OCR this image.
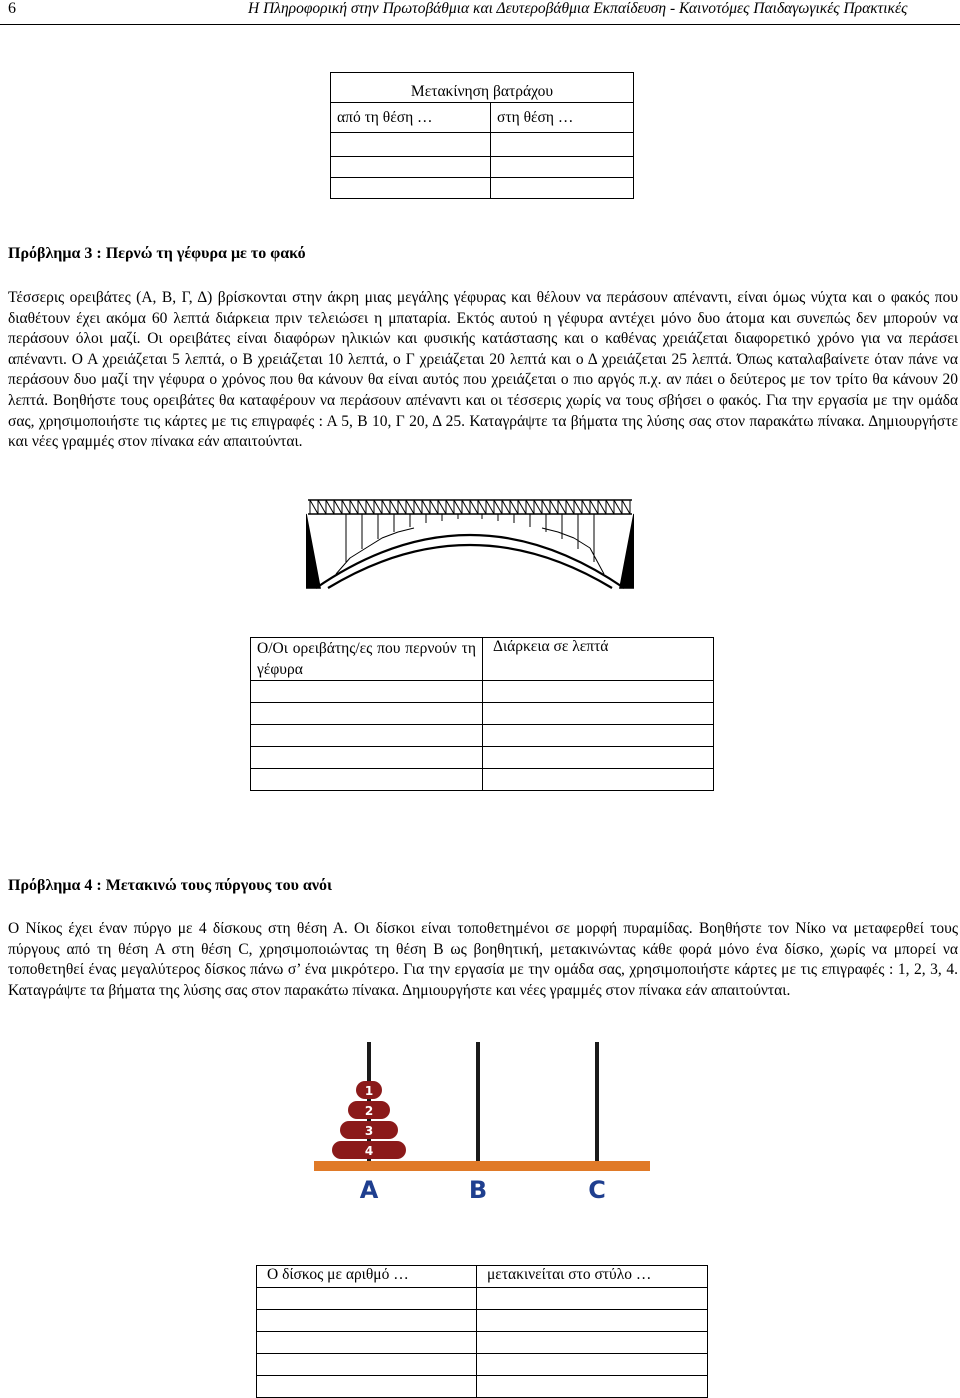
6	Η Πληροφορική στην Πρωτοβάθμια και Δευτεροβάθμια Εκπαίδευση - Καινοτόμες Παιδαγωγικές Πρακτικές
Μετακίνηση βατράχου	
από τη θέση …	στη θέση …

Πρόβλημα 3 : Περνώ τη γέφυρα με το φακό

Τέσσερις ορειβάτες (Α, Β, Γ, Δ) βρίσκονται στην άκρη μιας μεγάλης γέφυρας και θέλουν να περάσουν απέναντι, είναι όμως νύχτα και ο φακός που διαθέτουν έχει ακόμα 60 λεπτά διάρκεια πριν τελειώσει η μπαταρία. Εκτός αυτού η γέφυρα αντέχει μόνο δυο άτομα και συνεπώς δεν μπορούν να περάσουν όλοι μαζί. Οι ορειβάτες είναι διαφόρων ηλικιών και φυσικής κατάστασης και ο καθένας χρειάζεται διαφορετικό χρόνο για να περάσει απέναντι. Ο Α χρειάζεται 5 λεπτά, ο Β χρειάζεται 10 λεπτά, ο Γ χρειάζεται 20 λεπτά και ο Δ χρειάζεται 25 λεπτά. Όπως καταλαβαίνετε όταν πάνε να περάσουν δυο μαζί την γέφυρα ο χρόνος που θα κάνουν θα είναι αυτός που χρειάζεται ο πιο αργός π.χ. αν πάει ο δεύτερος με τον τρίτο θα κάνουν 20 λεπτά. Βοηθήστε τους ορειβάτες θα καταφέρουν να περάσουν απέναντι και οι τέσσερις χωρίς να τους σβήσει ο φακός. Για την εργασία με την ομάδα σας, χρησιμοποιήστε τις κάρτες με τις επιγραφές : Α 5, Β 10, Γ 20, Δ 25. Καταγράψτε τα βήματα της λύσης σας στον παρακάτω πίνακα. Δημιουργήστε και νέες γραμμές στον πίνακα εάν απαιτούνται.

Ο/Οι ορειβάτης/ες που περνούν τη γέφυρα	Διάρκεια σε λεπτά

Πρόβλημα 4 : Μετακινώ τους πύργους του ανόι

Ο Νίκος έχει έναν πύργο με 4 δίσκους στη θέση Α. Οι δίσκοι είναι τοποθετημένοι σε μορφή πυραμίδας. Βοηθήστε τον Νίκο να μεταφερθεί τους πύργους από τη θέση Α στη θέση C, χρησιμοποιώντας τη θέση B ως βοηθητική, μετακινώντας κάθε φορά μόνο ένα δίσκο, χωρίς να μπορεί να τοποθετηθεί ένας μεγαλύτερος δίσκος πάνω σ’ ένα μικρότερο. Για την εργασία με την ομάδα σας, χρησιμοποιήστε κάρτες με τις επιγραφές : 1, 2, 3, 4. Καταγράψτε τα βήματα της λύσης σας στον παρακάτω πίνακα. Δημιουργήστε και νέες γραμμές στον πίνακα εάν απαιτούνται.

4
3
2
1
A	B	C
Ο δίσκος με αριθμό …	μετακινείται στο στύλο …
